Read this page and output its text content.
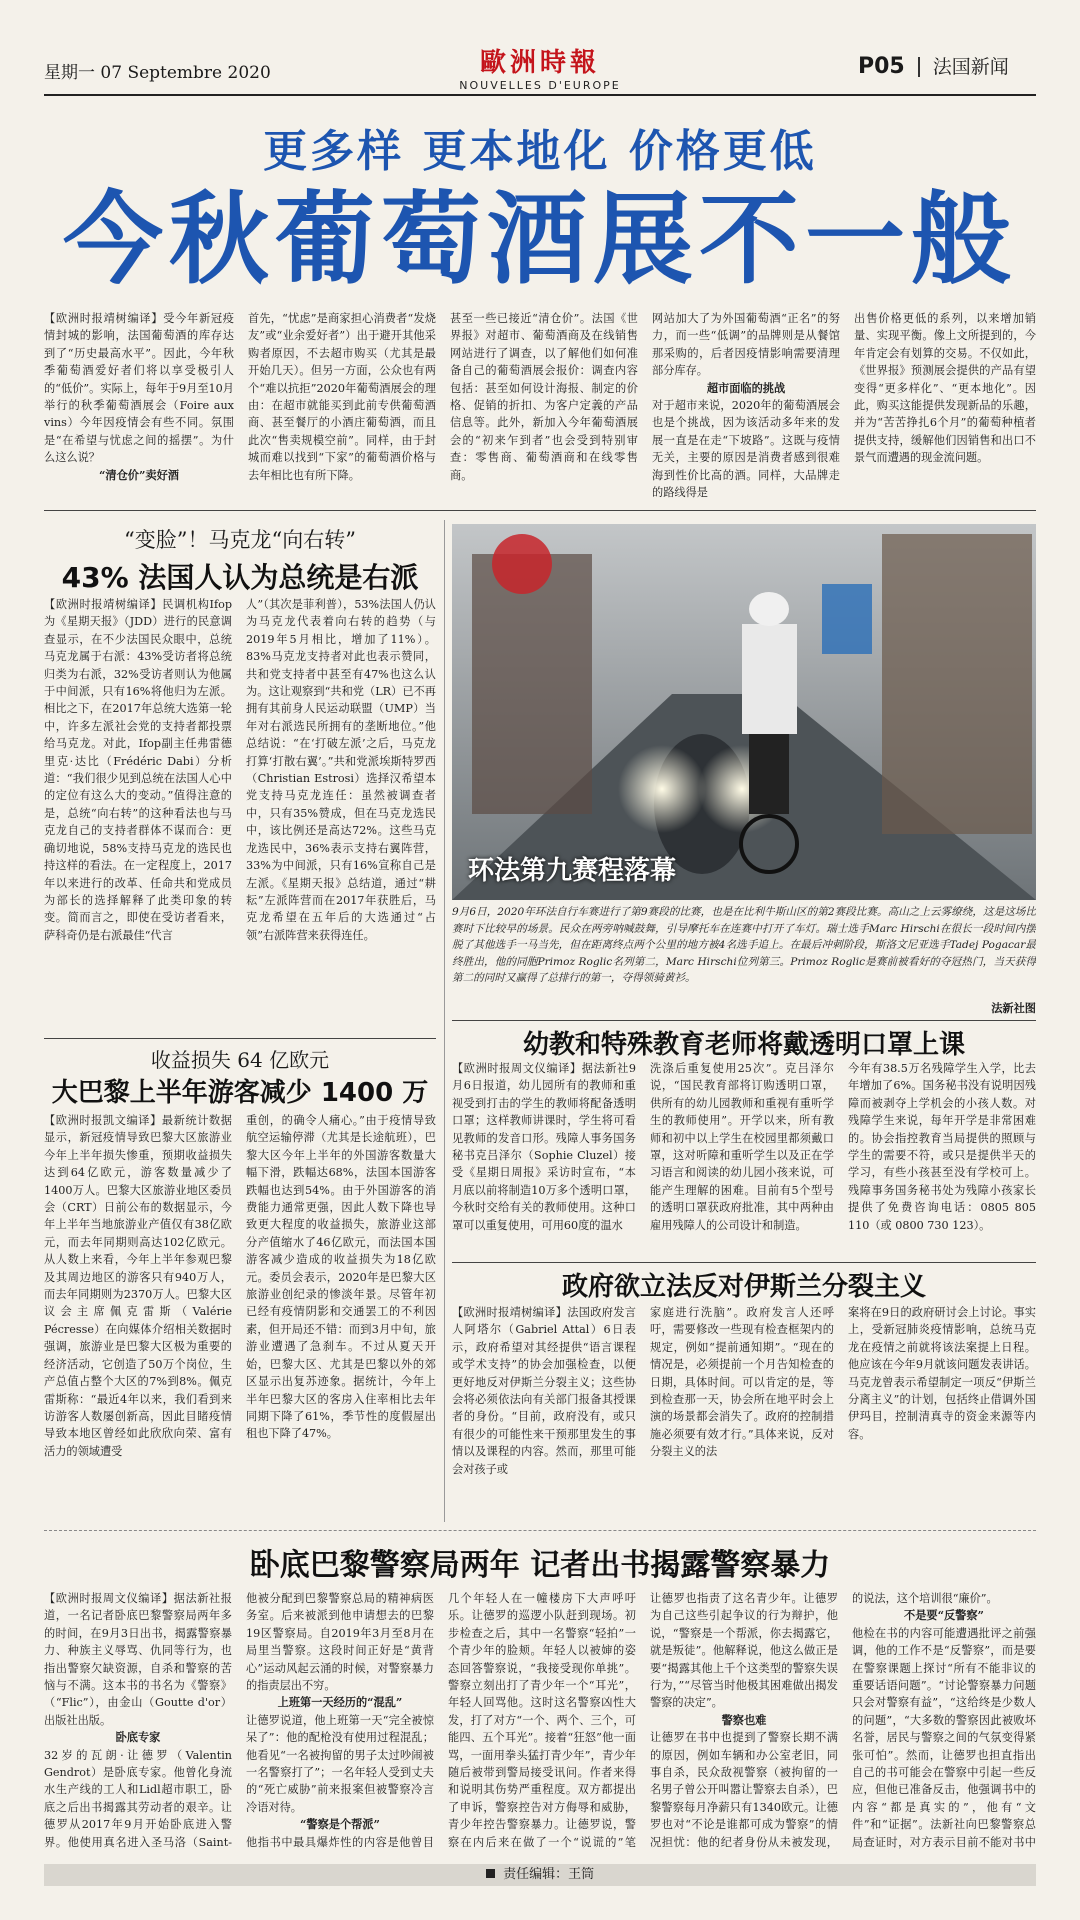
星期一 07 Septembre 2020	歐洲時報
NOUVELLES D'EUROPE
P05 法国新闻
更多样 更本地化 价格更低
今秋葡萄酒展不一般

【欧洲时报靖树编译】受今年新冠疫情封城的影响，法国葡萄酒的库存达到了“历史最高水平”。因此，今年秋季葡萄酒爱好者们将以享受极引人的“低价”。实际上，每年于9月至10月举行的秋季葡萄酒展会（Foire aux vins）今年因疫情会有些不同。氛围是“在希望与忧虑之间的摇摆”。为什么这么说？

“清仓价”卖好酒

首先，“忧虑”是商家担心消费者“发烧友”或“业余爱好者”）出于避开其他采购者原因，不去超市购买（尤其是最开始几天）。但另一方面，公众也有两个“难以抗拒”2020年葡萄酒展会的理由：在超市就能买到此前专供葡萄酒商、甚至餐厅的小酒庄葡萄酒，而且此次“售卖规模空前”。同样，由于封城而难以找到“下家”的葡萄酒价格与去年相比也有所下降。

甚至一些已接近“清仓价”。法国《世界报》对超市、葡萄酒商及在线销售网站进行了调查，以了解他们如何准备自己的葡萄酒展会报价：调查内容包括：甚至如何设计海报、制定的价格、促销的折扣、为客户定義的产品信息等。此外，新加入今年葡萄酒展会的“初来乍到者”也会受到特别审查：零售商、葡萄酒商和在线零售商。

网站加大了为外国葡萄酒“正名”的努力，而一些“低调”的品牌则是从餐馆那采购的，后者因疫情影响需要清理部分库存。

超市面临的挑战

对于超市来说，2020年的葡萄酒展会也是个挑战，因为该活动多年来的发展一直是在走“下坡路”。这既与疫情无关，主要的原因是消费者感到很难海到性价比高的酒。同样，大品牌走的路线得是

出售价格更低的系列，以来增加销量、实现平衡。像上文所提到的，今年肯定会有划算的交易。不仅如此，《世界报》预测展会提供的产品有望变得“更多样化”、“更本地化”。因此，购买这能提供发现新品的乐趣，并为“苦苦挣扎6个月”的葡萄种植者提供支持，缓解他们因销售和出口不景气而遭遇的现金流问题。

“变脸”！马克龙“向右转”
43% 法国人认为总统是右派

【欧洲时报靖树编译】民调机构Ifop为《星期天报》（JDD）进行的民意调查显示，在不少法国民众眼中，总统马克龙属于右派：43%受访者将总统归类为右派，32%受访者则认为他属于中间派，只有16%将他归为左派。相比之下，在2017年总统大选第一轮中，许多左派社会党的支持者都投票给马克龙。对此，Ifop副主任弗雷德里克·达比（Frédéric Dabi）分析道：“我们很少见到总统在法国人心中的定位有这么大的变动。”值得注意的是，总统“向右转”的这种看法也与马克龙自己的支持者群体不谋而合：更确切地说，58%支持马克龙的选民也持这样的看法。在一定程度上，2017年以来进行的改革、任命共和党成员为部长的选择解释了此类印象的转变。简而言之，即使在受访者看来，萨科奇仍是右派最佳“代言

人”（其次是菲利普），53%法国人仍认为马克龙代表着向右转的趋势（与2019年5月相比，增加了11%）。83%马克龙支持者对此也表示赞同，共和党支持者中甚至有47%也这么认为。这让观察到“共和党（LR）已不再拥有其前身人民运动联盟（UMP）当年对右派选民所拥有的垄断地位。”他总结说：“在‘打破左派’之后，马克龙打算‘打散右翼’。”共和党派埃斯特罗西（Christian Estrosi）选择汉希望本党支持马克龙连任：虽然被调查者中，只有35%赞成，但在马克龙选民中，该比例还是高达72%。这些马克龙选民中，36%表示支持右翼阵营，33%为中间派，只有16%宣称自己是左派。《星期天报》总结道，通过“耕耘”左派阵营而在2017年获胜后，马克龙希望在五年后的大选通过“占领”右派阵营来获得连任。

环法第九赛程落幕

9月6日，2020年环法自行车赛进行了第9赛段的比赛，也是在比利牛斯山区的第2赛段比赛。高山之上云雾缭绕，这是这场比赛时下比较早的场景。民众在两旁呐喊鼓舞，引导摩托车在连赛中打开了车灯。瑞士选手Marc Hirschi在很长一段时间内摆脱了其他选手一马当先，但在距离终点两个公里的地方被4名选手追上。在最后冲刺阶段，斯洛文尼亚选手Tadej Pogacar最终胜出，他的同胞Primoz Roglic名列第二，Marc Hirschi位列第三。Primoz Roglic是赛前被看好的夺冠热门，当天获得第二的同时又赢得了总排行的第一，夺得领骑黄衫。

法新社图
收益损失 64 亿欧元
大巴黎上半年游客减少 1400 万

【欧洲时报凯文编译】最新统计数据显示，新冠疫情导致巴黎大区旅游业今年上半年损失惨重，预期收益损失达到64亿欧元，游客数量减少了1400万人。巴黎大区旅游业地区委员会（CRT）日前公布的数据显示，今年上半年当地旅游业产值仅有38亿欧元，而去年同期则高达102亿欧元。从人数上来看，今年上半年参观巴黎及其周边地区的游客只有940万人，而去年同期则为2370万人。巴黎大区议会主席佩克雷斯（Valérie Pécresse）在向媒体介绍相关数据时强调，旅游业是巴黎大区极为重要的经济活动，它创造了50万个岗位，生产总值占整个大区的7%到8%。佩克雷斯称：“最近4年以来，我们看到来访游客人数屡创新高，因此目睹疫情导致本地区曾经如此欣欣向荣、富有活力的领域遭受

重创，的确令人痛心。”由于疫情导致航空运输停滞（尤其是长途航班），巴黎大区今年上半年的外国游客数量大幅下滑，跌幅达68%，法国本国游客跌幅也达到54%。由于外国游客的消费能力通常更强，因此人数下降也导致更大程度的收益损失，旅游业这部分产值缩水了46亿欧元，而法国本国游客减少造成的收益损失为18亿欧元。委员会表示，2020年是巴黎大区旅游业创纪录的惨淡年景。尽管年初已经有疫情阴影和交通罢工的不利因素，但开局还不错：而到3月中旬，旅游业遭遇了急刹车。不过从夏天开始，巴黎大区、尤其是巴黎以外的郊区显示出复苏迹象。据统计，今年上半年巴黎大区的客房入住率相比去年同期下降了61%，季节性的度假屋出租也下降了47%。

幼教和特殊教育老师将戴透明口罩上课

【欧洲时报周文仪编译】据法新社9月6日报道，幼儿园所有的教师和重视受到打击的学生的教师将配备透明口罩；这样教师讲课时，学生将可看见教师的发音口形。残障人事务国务秘书克吕泽尔（Sophie Cluzel）接受《星期日周报》采访时宣布，“本月底以前将制造10万多个透明口罩，今秋时交给有关的教师使用。这种口罩可以重复使用，可用60度的温水

洗涤后重复使用25次”。克吕泽尔说，“国民教育部将订购透明口罩，供所有的幼儿园教师和重视有重听学生的教师使用”。开学以来，所有教师和初中以上学生在校园里都须戴口罩，这对听障和重听学生以及正在学习语言和阅读的幼儿园小孩来说，可能产生理解的困难。目前有5个型号的透明口罩获政府批准，其中两种由雇用残障人的公司设计和制造。

今年有38.5万名残障学生入学，比去年增加了6%。国务秘书没有说明因残障而被剥夺上学机会的小孩人数。对残障学生来说，每年开学是非常困难的。协会指控教育当局提供的照顾与学生的需要不符，或只是提供半天的学习，有些小孩甚至没有学校可上。残障事务国务秘书处为残障小孩家长提供了免费咨询电话：0805 805 110（或 0800 730 123）。

政府欲立法反对伊斯兰分裂主义

【欧洲时报靖树编译】法国政府发言人阿塔尔（Gabriel Attal）6日表示，政府希望对其经提供“语言课程或学术支持”的协会加强检查，以便更好地反对伊斯兰分裂主义；这些协会将必须依法向有关部门报备其授课者的身份。“目前，政府没有，或只有很少的可能性来干预那里发生的事情以及课程的内容。然而，那里可能会对孩子或

家庭进行洗脑”。政府发言人还呼吁，需要修改一些现有检查框架内的规定，例如“提前通知期”。“现在的情况是，必须提前一个月告知检查的日期，具体时间。可以肯定的是，等到检查那一天，协会所在地平时会上演的场景都会消失了。政府的控制措施必须要有效才行。”具体来说，反对分裂主义的法

案将在9日的政府研讨会上讨论。事实上，受新冠肺炎疫情影响，总统马克龙在疫情之前就将该法案提上日程。他应该在今年9月就该问题发表讲话。马克龙曾表示希望制定一项反“伊斯兰分离主义”的计划，包括终止借调外国伊玛目，控制清真寺的资金来源等内容。

卧底巴黎警察局两年 记者出书揭露警察暴力

【欧洲时报周文仪编译】据法新社报道，一名记者卧底巴黎警察局两年多的时间，在9月3日出书，揭露警察暴力、种族主义辱骂、仇同等行为，也指出警察欠缺资源，自杀和警察的苦恼与不满。这本书的书名为《警察》（“Flic”），由金山（Goutte d'or）出版社出版。

卧底专家

32岁的瓦朗·让德罗（Valentin Gendrot）是卧底专家。他曾化身流水生产线的工人和Lidl超市职工，卧底之后出书揭露其劳动者的艰辛。让德罗从2017年9月开始卧底进入警界。他使用真名进入圣马洛（Saint-

他被分配到巴黎警察总局的精神病医务室。后来被派到他申请想去的巴黎19区警察局。自2019年3月至8月在局里当警察。这段时间正好是“黄背心”运动风起云涌的时候，对警察暴力的指责层出不穷。

上班第一天经历的“混乱”

让德罗说道，他上班第一天“完全被惊呆了”：他的配枪没有使用过程混乱；他看见“一名被拘留的男子太过吵闹被一名警察打了”；一名年轻人受到丈夫的“死亡威胁”前来报案但被警察冷言冷语对待。

“警察是个帮派”

他指书中最具爆炸性的内容是他曾目

几个年轻人在一幢楼房下大声呼吁乐。让德罗的巡逻小队赶到现场。初步检查之后，其中一名警察“轻拍”一个青少年的脸颊。年轻人以被婶的姿态回答警察说，“我接受现你单挑”。警察立刻出打了青少年一个“耳光”，年轻人回骂他。这时这名警察凶性大发，打了对方“一个、两个、三个，可能四、五个耳光”。接着“狂怒”他一面骂，一面用拳头猛打青少年”，青少年随后被带到警局接受讯问。作者来得和说明其伤势严重程度。双方都提出了申诉，警察控告对方侮辱和威胁，青少年控告警察暴力。让德罗说，警察在内后来在做了一个“说谎的”笔

让德罗也指责了这名青少年。让德罗为自己这些引起争议的行为辩护，他说，“警察是一个帮派，你去揭露它，就是叛徒”。他解释说，他这么做正是要“揭露其他上千个这类型的警察失误行为，”“尽管当时他极其困难做出揭发警察的决定”。

警察也难

让德罗在书中也提到了警察长期不满的原因，例如车辆和办公室老旧，同事自杀，民众敌视警察（被拘留的一名男子曾公开叫嚣让警察去自杀），巴黎警察每月净薪只有1340欧元。让德罗也对“不论是谁都可成为警察”的情况担忧：他的纪者身份从未被发现，

的说法，这个培训很“廉价”。

不是要“反警察”

他检在书的内容可能遭遇批评之前强调，他的工作不是“反警察”，而是要在警察课题上探讨“所有不能非议的重要话语问题”。“讨论警察暴力问题只会对警察有益”，“这给终是少数人的问题”，“大多数的警察因此被败坏名誉，居民与警察之间的气氛变得紧张可怕”。然而，让德罗也担直指出自己的书可能会在警察中引起一些反应，但他已准备反击，他强调书中的内容“都是真实的”，他有“文件”和“证据”。法新社向巴黎警察总局查证时，对方表示目前不能对书中

责任编辑：王筒
